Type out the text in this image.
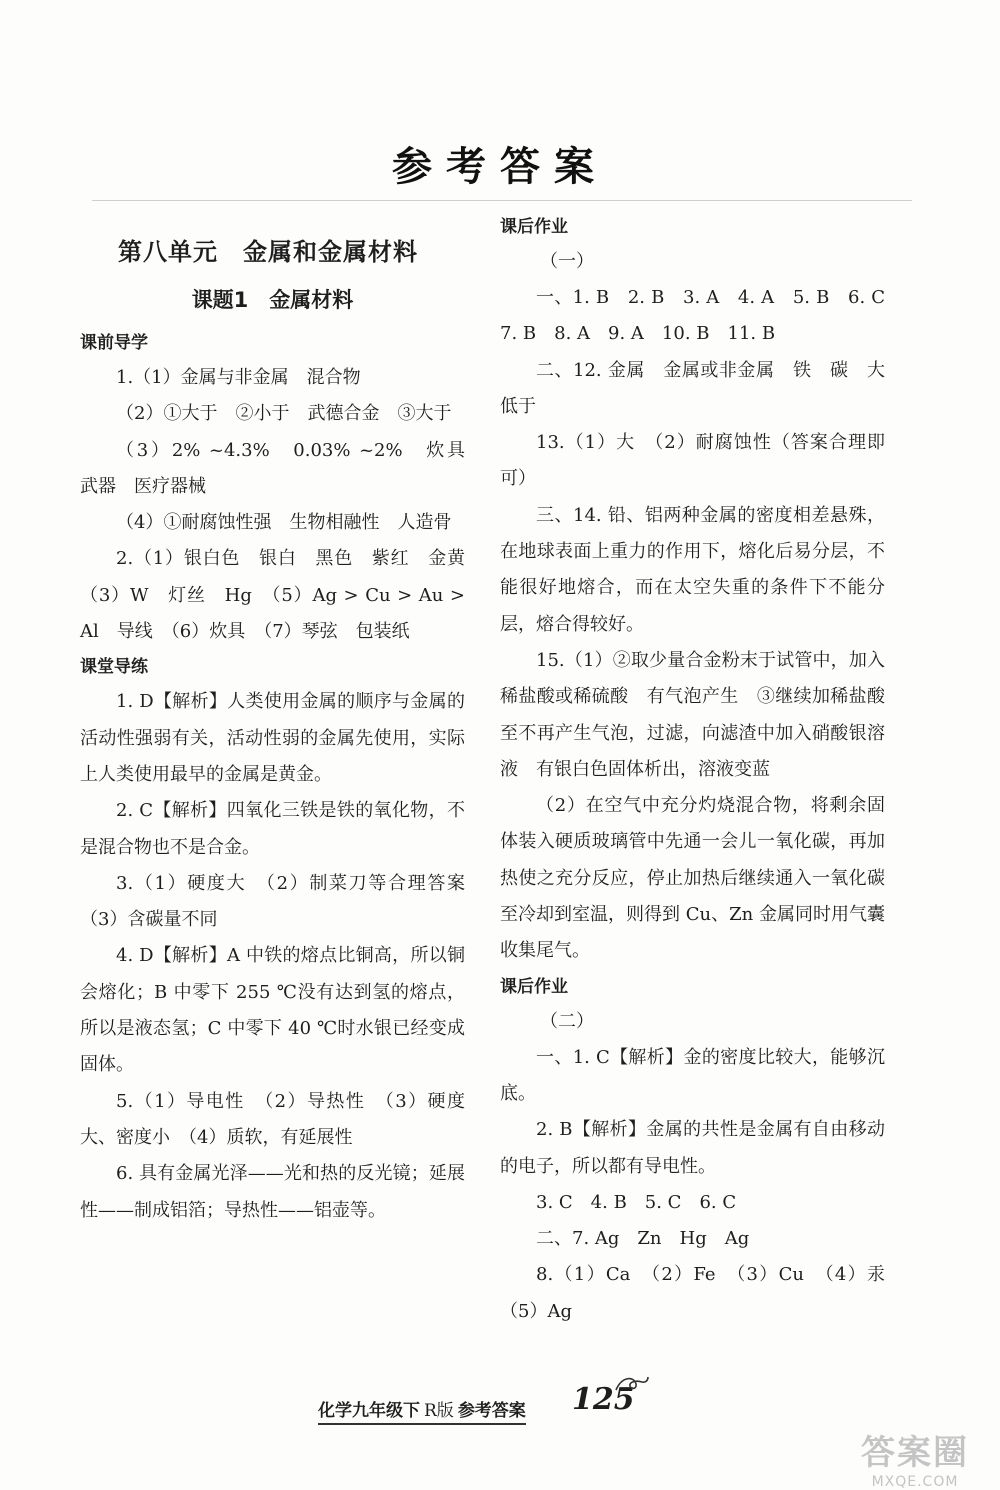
参考答案
第八单元　金属和金属材料
课题1　金属材料
课前导学
1.（1）金属与非金属　混合物
（2）①大于　②小于　武德合金　③大于
（3）2% ~4.3%　0.03% ~2%　炊具　武器　医疗器械
（4）①耐腐蚀性强　生物相融性　人造骨
2.（1）银白色　银白　黑色　紫红　金黄　（3）W　灯丝　Hg　（5）Ag > Cu > Au > Al　导线　（6）炊具　（7）琴弦　包装纸
课堂导练
1. D【解析】人类使用金属的顺序与金属的活动性强弱有关，活动性弱的金属先使用，实际上人类使用最早的金属是黄金。
2. C【解析】四氧化三铁是铁的氧化物，不是混合物也不是合金。
3.（1）硬度大　（2）制菜刀等合理答案　（3）含碳量不同
4. D【解析】A 中铁的熔点比铜高，所以铜会熔化；B 中零下 255 ℃没有达到氢的熔点，所以是液态氢；C 中零下 40 ℃时水银已经变成固体。
5.（1）导电性　（2）导热性　（3）硬度大、密度小　（4）质软，有延展性
6. 具有金属光泽——光和热的反光镜；延展性——制成铝箔；导热性——铝壶等。
课后作业
（一）
一、1. B　2. B　3. A　4. A　5. B　6. C　7. B　8. A　9. A　10. B　11. B
二、12. 金属　金属或非金属　铁　碳　大　低于
13.（1）大　（2）耐腐蚀性（答案合理即可）
三、14. 铅、铝两种金属的密度相差悬殊，在地球表面上重力的作用下，熔化后易分层，不能很好地熔合，而在太空失重的条件下不能分层，熔合得较好。
15.（1）②取少量合金粉末于试管中，加入稀盐酸或稀硫酸　有气泡产生　③继续加稀盐酸至不再产生气泡，过滤，向滤渣中加入硝酸银溶液　有银白色固体析出，溶液变蓝
（2）在空气中充分灼烧混合物，将剩余固体装入硬质玻璃管中先通一会儿一氧化碳，再加热使之充分反应，停止加热后继续通入一氧化碳至冷却到室温，则得到 Cu、Zn 金属同时用气囊收集尾气。
课后作业
（二）
一、1. C【解析】金的密度比较大，能够沉底。
2. B【解析】金属的共性是金属有自由移动的电子，所以都有导电性。
3. C　4. B　5. C　6. C
二、7. Ag　Zn　Hg　Ag
8.（1）Ca　（2）Fe　（3）Cu　（4）汞　（5）Ag
化学九年级下 R版 参考答案 125
答案圈
MXQE.COM
